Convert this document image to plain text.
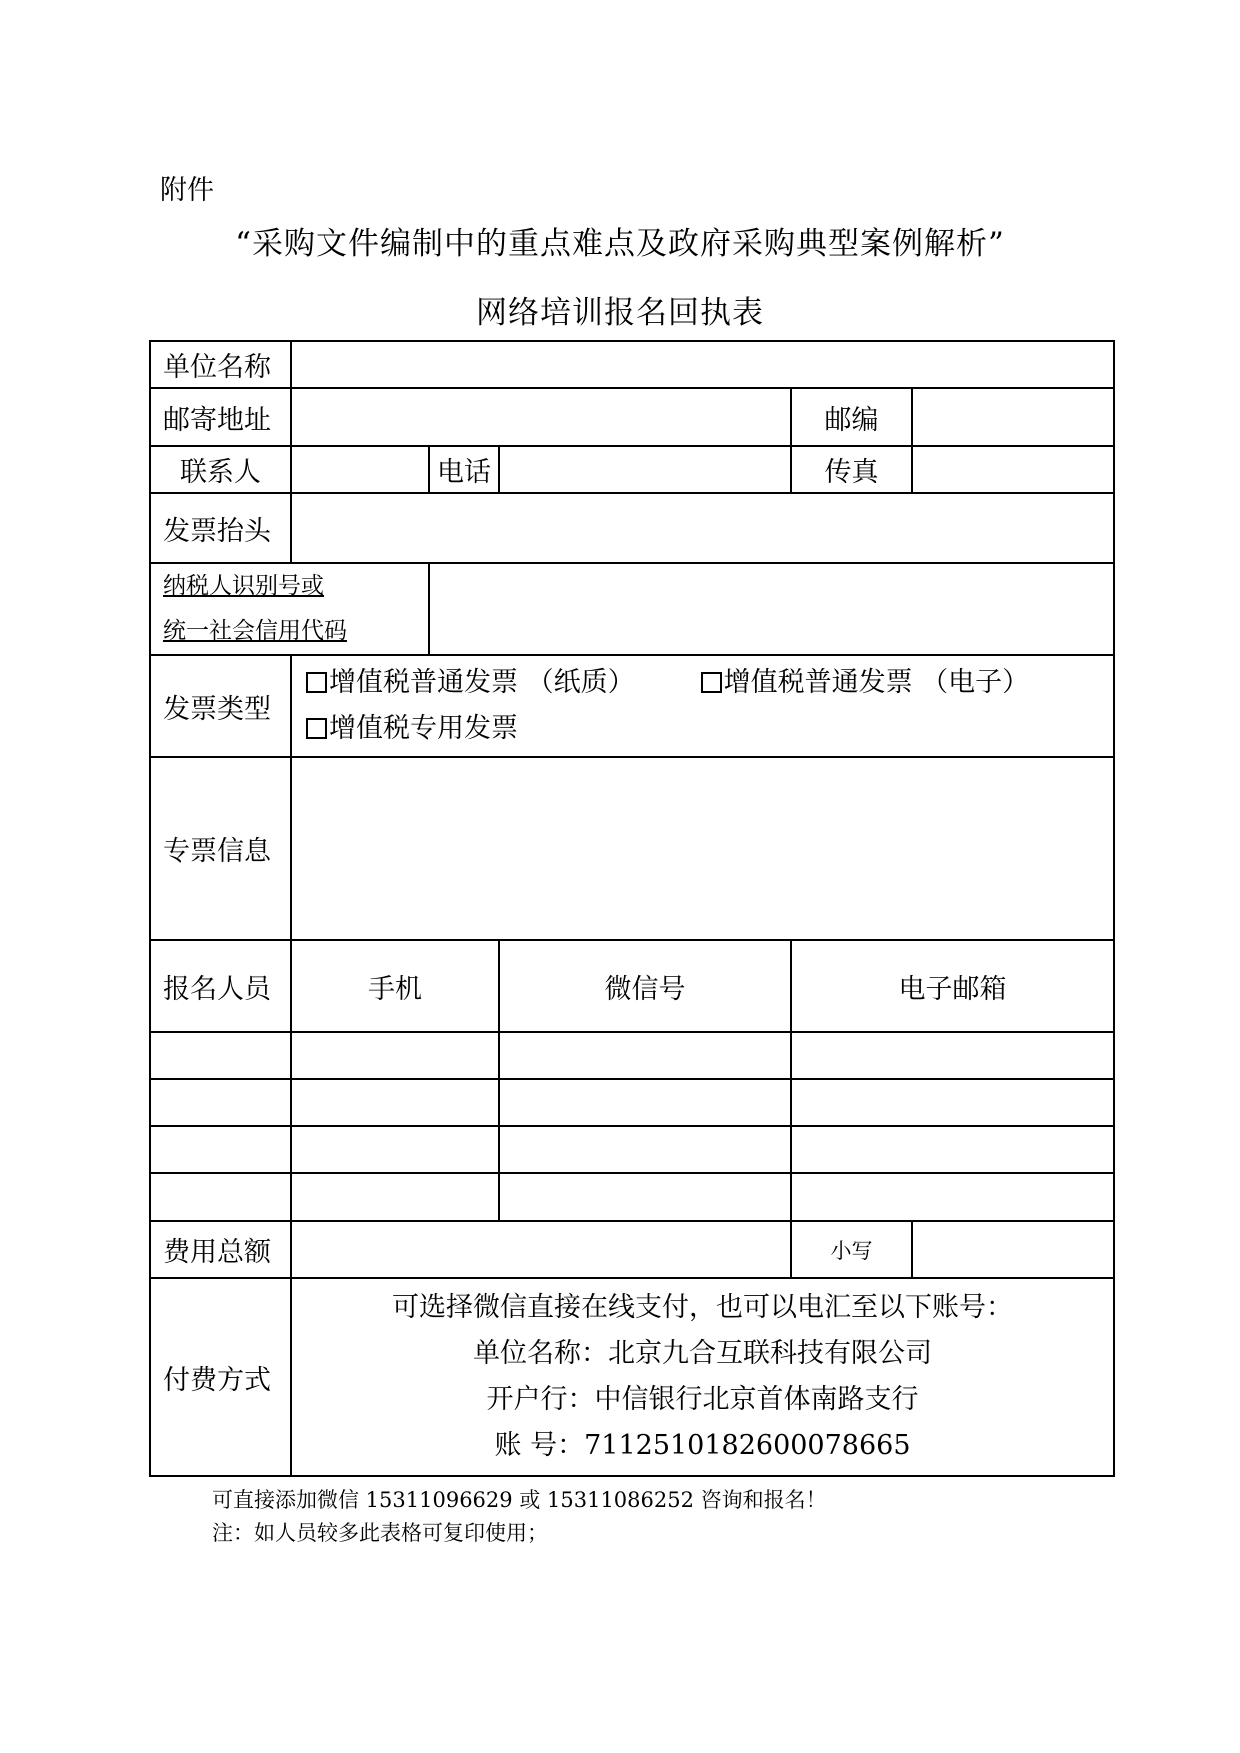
附件
“采购文件编制中的重点难点及政府采购典型案例解析”
网络培训报名回执表
单位名称					
邮寄地址				邮编	
联系人		电话		传真	
发票抬头					

纳税人识别号或
统一社会信用代码					

发票类型	增值税普通发票 （纸质） 增值税普通发票 （电子）
增值税专用发票				
专票信息					
报名人员	手机		微信号	电子邮箱	

费用总额				小写	
付费方式	可选择微信直接在线支付，也可以电汇至以下账号：
单位名称：北京九合互联科技有限公司
开户行：中信银行北京首体南路支行
账 号：7112510182600078665				
可直接添加微信 15311096629 或 15311086252 咨询和报名！
注：如人员较多此表格可复印使用；
